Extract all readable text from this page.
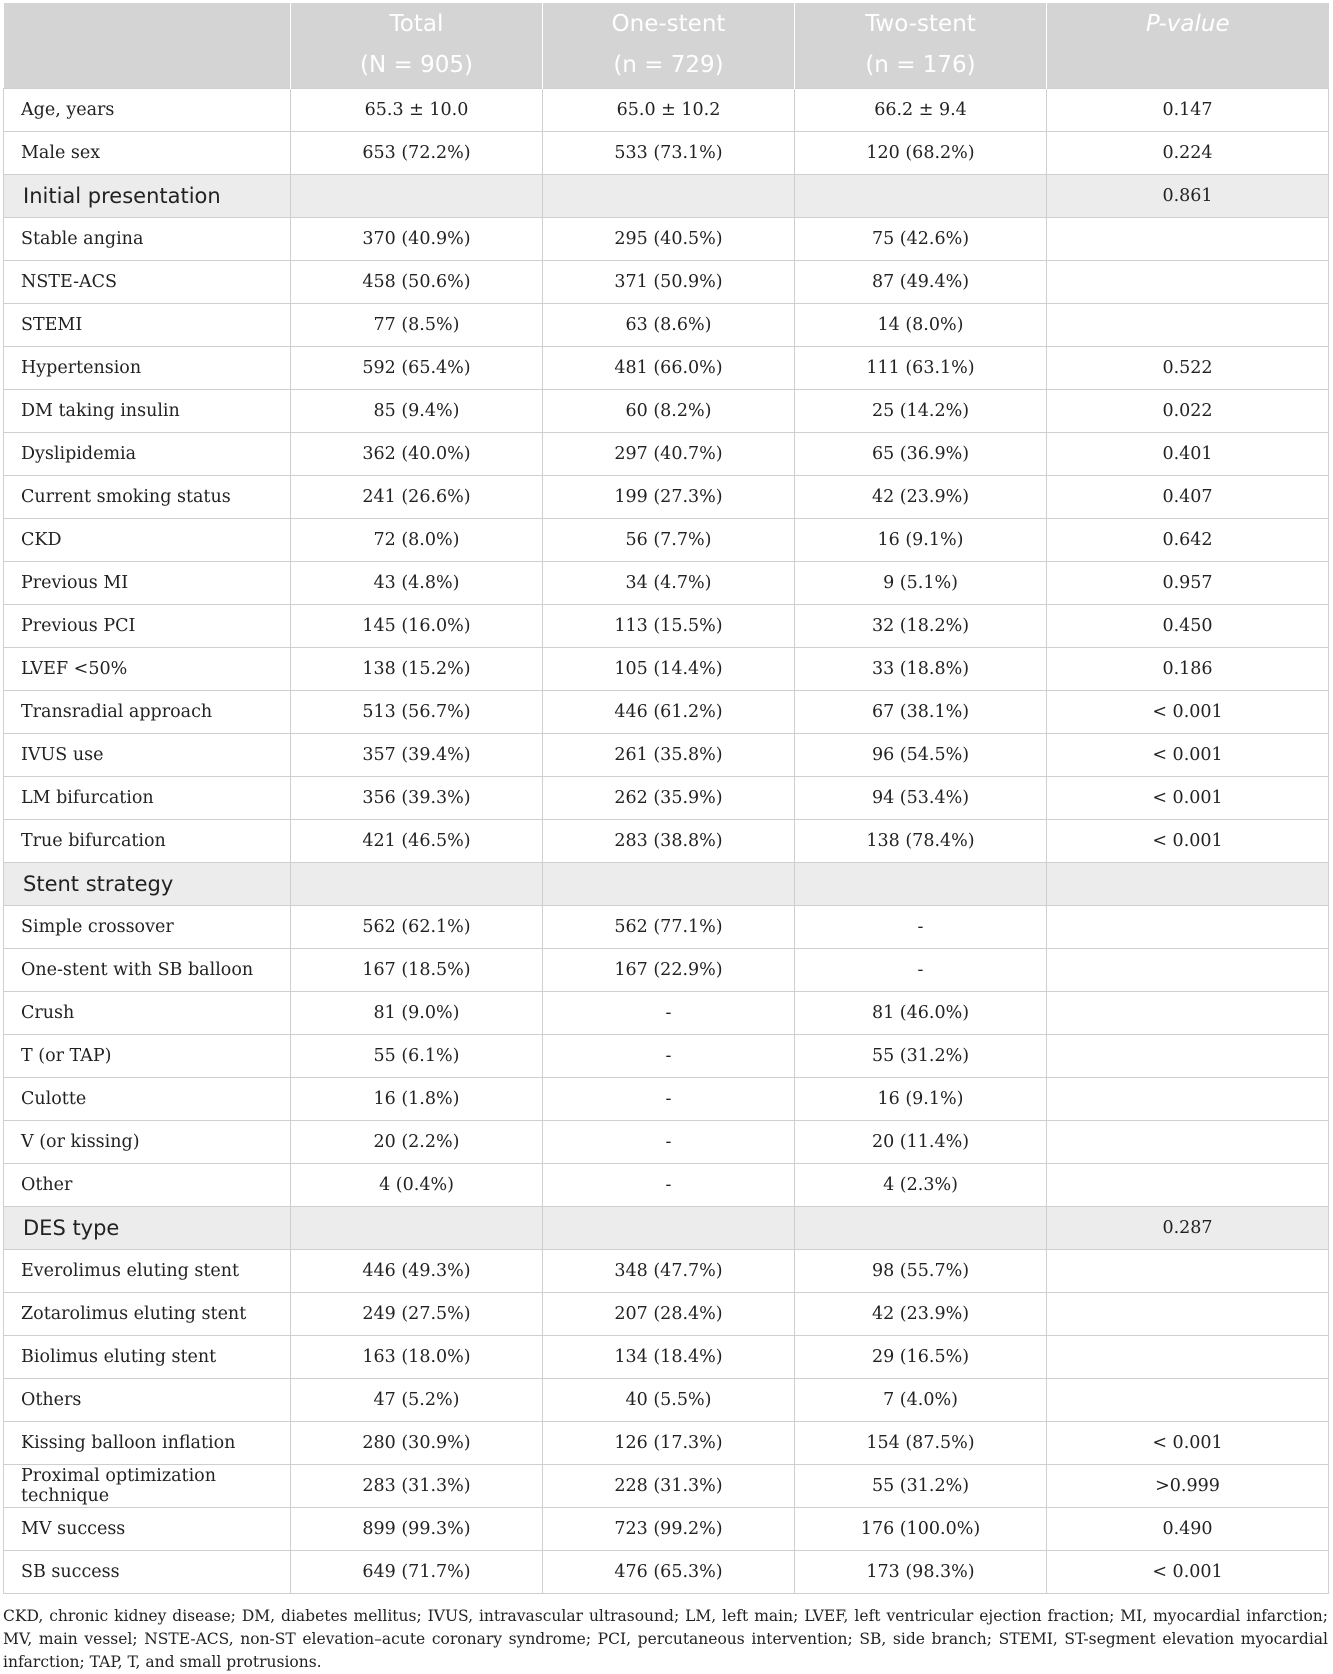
	Total	One-stent	Two-stent	P-value
	(N = 905)	(n = 729)	(n = 176)	
Age, years	65.3 ± 10.0	65.0 ± 10.2	66.2 ± 9.4	0.147
Male sex	653 (72.2%)	533 (73.1%)	120 (68.2%)	0.224
Initial presentation				0.861
Stable angina	370 (40.9%)	295 (40.5%)	75 (42.6%)	
NSTE-ACS	458 (50.6%)	371 (50.9%)	87 (49.4%)	
STEMI	77 (8.5%)	63 (8.6%)	14 (8.0%)	
Hypertension	592 (65.4%)	481 (66.0%)	111 (63.1%)	0.522
DM taking insulin	85 (9.4%)	60 (8.2%)	25 (14.2%)	0.022
Dyslipidemia	362 (40.0%)	297 (40.7%)	65 (36.9%)	0.401
Current smoking status	241 (26.6%)	199 (27.3%)	42 (23.9%)	0.407
CKD	72 (8.0%)	56 (7.7%)	16 (9.1%)	0.642
Previous MI	43 (4.8%)	34 (4.7%)	9 (5.1%)	0.957
Previous PCI	145 (16.0%)	113 (15.5%)	32 (18.2%)	0.450
LVEF <50%	138 (15.2%)	105 (14.4%)	33 (18.8%)	0.186
Transradial approach	513 (56.7%)	446 (61.2%)	67 (38.1%)	< 0.001
IVUS use	357 (39.4%)	261 (35.8%)	96 (54.5%)	< 0.001
LM bifurcation	356 (39.3%)	262 (35.9%)	94 (53.4%)	< 0.001
True bifurcation	421 (46.5%)	283 (38.8%)	138 (78.4%)	< 0.001
Stent strategy				
Simple crossover	562 (62.1%)	562 (77.1%)	-	
One-stent with SB balloon	167 (18.5%)	167 (22.9%)	-	
Crush	81 (9.0%)	-	81 (46.0%)	
T (or TAP)	55 (6.1%)	-	55 (31.2%)	
Culotte	16 (1.8%)	-	16 (9.1%)	
V (or kissing)	20 (2.2%)	-	20 (11.4%)	
Other	4 (0.4%)	-	4 (2.3%)	
DES type				0.287
Everolimus eluting stent	446 (49.3%)	348 (47.7%)	98 (55.7%)	
Zotarolimus eluting stent	249 (27.5%)	207 (28.4%)	42 (23.9%)	
Biolimus eluting stent	163 (18.0%)	134 (18.4%)	29 (16.5%)	
Others	47 (5.2%)	40 (5.5%)	7 (4.0%)	
Kissing balloon inflation	280 (30.9%)	126 (17.3%)	154 (87.5%)	< 0.001
Proximal optimization technique	283 (31.3%)	228 (31.3%)	55 (31.2%)	>0.999
MV success	899 (99.3%)	723 (99.2%)	176 (100.0%)	0.490
SB success	649 (71.7%)	476 (65.3%)	173 (98.3%)	< 0.001
CKD, chronic kidney disease; DM, diabetes mellitus; IVUS, intravascular ultrasound; LM, left main; LVEF, left ventricular ejection fraction; MI, myocardial infarction; MV, main vessel; NSTE-ACS, non-ST elevation–acute coronary syndrome; PCI, percutaneous intervention; SB, side branch; STEMI, ST-segment elevation myocardial infarction; TAP, T, and small protrusions.
